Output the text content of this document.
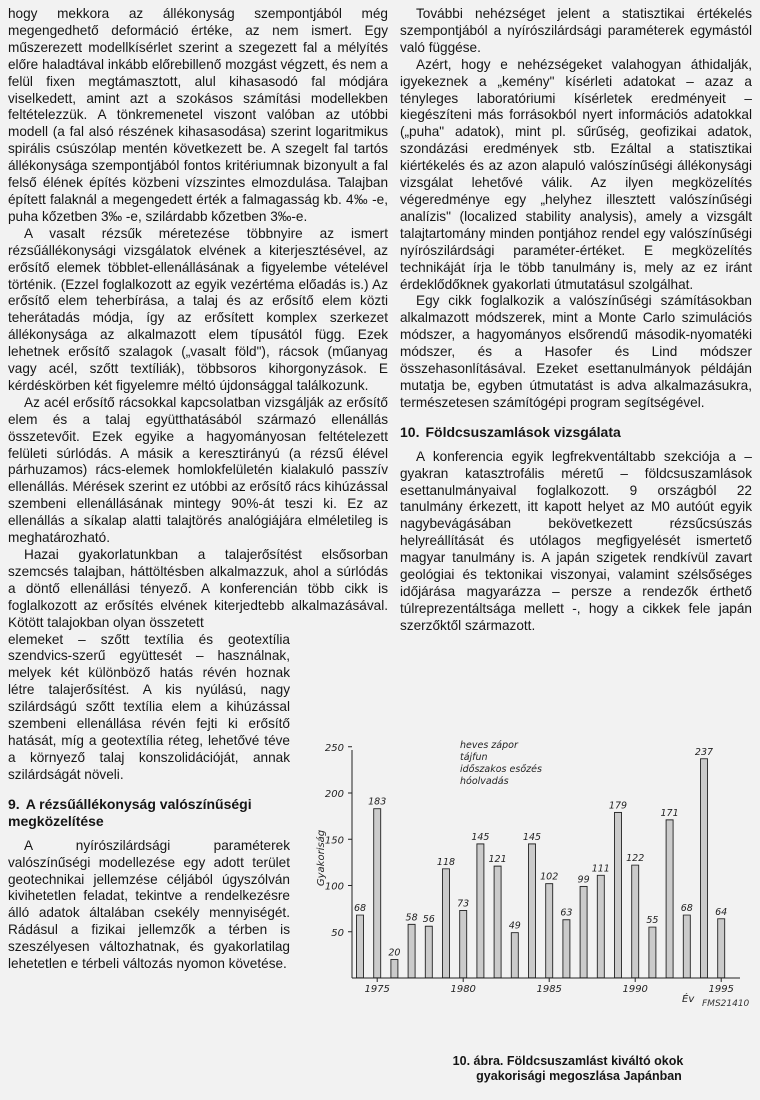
hogy mekkora az állékonyság szempontjából még megengedhető deformáció értéke, az nem ismert. Egy műszerezett modellkísérlet szerint a szegezett fal a mélyítés előre haladtával inkább előrebillenő mozgást végzett, és nem a felül fixen megtámasztott, alul kihasasodó fal módjára viselkedett, amint azt a szokásos számítási modellekben feltételezzük. A tönkremenetel viszont valóban az utóbbi modell (a fal alsó részének kihasasodása) szerint logaritmikus spirális csúszólap mentén következett be. A szegelt fal tartós állékonysága szempontjából fontos kritériumnak bizonyult a fal felső élének építés közbeni vízszintes elmozdulása. Talajban épített falaknál a megengedett érték a falmagasság kb. 4‰ -e, puha kőzetben 3‰ -e, szilárdabb kőzetben 3‰-e.

A vasalt rézsűk méretezése többnyire az ismert rézsűállékonysági vizsgálatok elvének a kiterjesztésével, az erősítő elemek többlet-ellenállásának a figyelembe vételével történik. (Ezzel foglalkozott az egyik vezértéma előadás is.) Az erősítő elem teherbírása, a talaj és az erősítő elem közti teherátadás módja, így az erősített komplex szerkezet állékonysága az alkalmazott elem típusától függ. Ezek lehetnek erősítő szalagok („vasalt föld"), rácsok (műanyag vagy acél, szőtt textíliák), többsoros kihorgonyzások. E kérdéskörben két figyelemre méltó újdonsággal találkozunk.

Az acél erősítő rácsokkal kapcsolatban vizsgálják az erősítő elem és a talaj együtthatásából származó ellenállás összetevőit. Ezek egyike a hagyományosan feltételezett felületi súrlódás. A másik a keresztirányú (a rézsű élével párhuzamos) rács-elemek homlokfelületén kialakuló passzív ellenállás. Mérések szerint ez utóbbi az erősítő rács kihúzással szembeni ellenállásának mintegy 90%-át teszi ki. Ez az ellenállás a síkalap alatti talajtörés analógiájára elméletileg is meghatározható.

Hazai gyakorlatunkban a talajerősítést elsősorban szemcsés talajban, háttöltésben alkalmazzuk, ahol a súrlódás a döntő ellenállási tényező. A konferencián több cikk is foglalkozott az erősítés elvének kiterjedtebb alkalmazásával. Kötött talajokban olyan összetett

elemeket – szőtt textília és geotextília szendvics-szerű együttesét – használnak, melyek két különböző hatás révén hoznak létre talajerősítést. A kis nyúlású, nagy szilárdságú szőtt textília elem a kihúzással szembeni ellenállása révén fejti ki erősítő hatását, míg a geotextília réteg, lehetővé téve a környező talaj konszolidációját, annak szilárdságát növeli.

9. A rézsűállékonyság valószínűségi megközelítése

A nyírószilárdsági paraméterek valószínűségi modellezése egy adott terület geotechnikai jellemzése céljából úgyszólván kivihetetlen feladat, tekintve a rendelkezésre álló adatok általában csekély mennyiségét. Rádásul a fizikai jellemzők a térben is szeszélyesen változhatnak, és gyakorlatilag lehetetlen e térbeli változás nyomon követése.

További nehézséget jelent a statisztikai értékelés szempontjából a nyírószilárdsági paraméterek egymástól való függése.

Azért, hogy e nehézségeket valahogyan áthidalják, igyekeznek a „kemény" kísérleti adatokat – azaz a tényleges laboratóriumi kísérletek eredményeit – kiegészíteni más forrásokból nyert információs adatokkal („puha" adatok), mint pl. sűrűség, geofizikai adatok, szondázási eredmények stb. Ezáltal a statisztikai kiértékelés és az azon alapuló valószínűségi állékonysági vizsgálat lehetővé válik. Az ilyen megközelítés végeredménye egy „helyhez illesztett valószínűségi analízis" (localized stability analysis), amely a vizsgált talajtartomány minden pontjához rendel egy valószínűségi nyírószilárdsági paraméter-értéket. E megközelítés technikáját írja le több tanulmány is, mely az ez iránt érdeklődőknek gyakorlati útmutatásul szolgálhat.

Egy cikk foglalkozik a valószínűségi számításokban alkalmazott módszerek, mint a Monte Carlo szimulációs módszer, a hagyományos elsőrendű második-nyomatéki módszer, és a Hasofer és Lind módszer összehasonlításával. Ezeket esettanulmányok példáján mutatja be, egyben útmutatást is adva alkalmazásukra, természetesen számítógépi program segítségével.

10. Földcsuszamlások vizsgálata

A konferencia egyik legfrekventáltabb szekciója a – gyakran katasztrofális méretű – földcsuszamlások esettanulmányaival foglalkozott. 9 országból 22 tanulmány érkezett, itt kapott helyet az M0 autóút egyik nagybevágásában bekövetkezett rézsűcsúszás helyreállítását és utólagos megfigyelését ismertető magyar tanulmány is. A japán szigetek rendkívül zavart geológiai és tektonikai viszonyai, valamint szélsőséges időjárása magyarázza – persze a rendezők érthető túlreprezentáltsága mellett -, hogy a cikkek fele japán szerzőktől származott.

50
100
150
200
250
Gyakoriság
68
183
20
58 56
118
73
145
121
49
145
102
63
99
111
179
122
55
171
68
237
64
1975	1980	1985	1990	1995
Év
heves zápor
tájfun
időszakos esőzés
hóolvadás
FMS21410
10. ábra. Földcsuszamlást kiváltó okok
gyakorisági megoszlása Japánban
